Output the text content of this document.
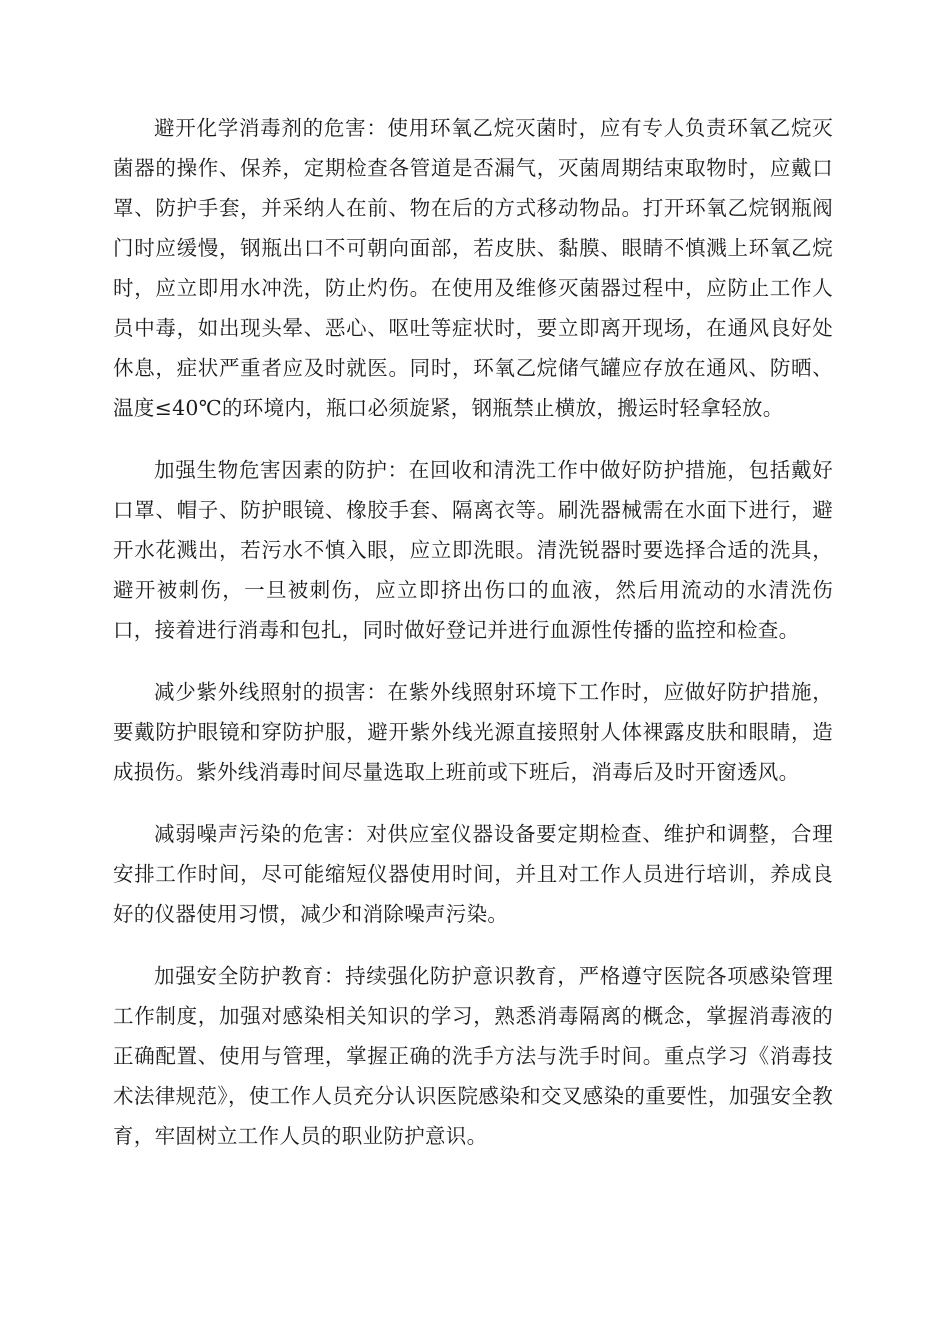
避开化学消毒剂的危害：使用环氧乙烷灭菌时，应有专人负责环氧乙烷灭菌器的操作、保养，定期检查各管道是否漏气，灭菌周期结束取物时，应戴口罩、防护手套，并采纳人在前、物在后的方式移动物品。打开环氧乙烷钢瓶阀门时应缓慢，钢瓶出口不可朝向面部，若皮肤、黏膜、眼睛不慎溅上环氧乙烷时，应立即用水冲洗，防止灼伤。在使用及维修灭菌器过程中，应防止工作人员中毒，如出现头晕、恶心、呕吐等症状时，要立即离开现场，在通风良好处休息，症状严重者应及时就医。同时，环氧乙烷储气罐应存放在通风、防晒、温度≤40℃的环境内，瓶口必须旋紧，钢瓶禁止横放，搬运时轻拿轻放。

加强生物危害因素的防护：在回收和清洗工作中做好防护措施，包括戴好口罩、帽子、防护眼镜、橡胶手套、隔离衣等。刷洗器械需在水面下进行，避开水花溅出，若污水不慎入眼，应立即洗眼。清洗锐器时要选择合适的洗具，避开被刺伤，一旦被刺伤，应立即挤出伤口的血液，然后用流动的水清洗伤口，接着进行消毒和包扎，同时做好登记并进行血源性传播的监控和检查。

减少紫外线照射的损害：在紫外线照射环境下工作时，应做好防护措施，要戴防护眼镜和穿防护服，避开紫外线光源直接照射人体裸露皮肤和眼睛，造成损伤。紫外线消毒时间尽量选取上班前或下班后，消毒后及时开窗透风。

减弱噪声污染的危害：对供应室仪器设备要定期检查、维护和调整，合理安排工作时间，尽可能缩短仪器使用时间，并且对工作人员进行培训，养成良好的仪器使用习惯，减少和消除噪声污染。

加强安全防护教育：持续强化防护意识教育，严格遵守医院各项感染管理工作制度，加强对感染相关知识的学习，熟悉消毒隔离的概念，掌握消毒液的正确配置、使用与管理，掌握正确的洗手方法与洗手时间。重点学习《消毒技术法律规范》，使工作人员充分认识医院感染和交叉感染的重要性，加强安全教育，牢固树立工作人员的职业防护意识。
